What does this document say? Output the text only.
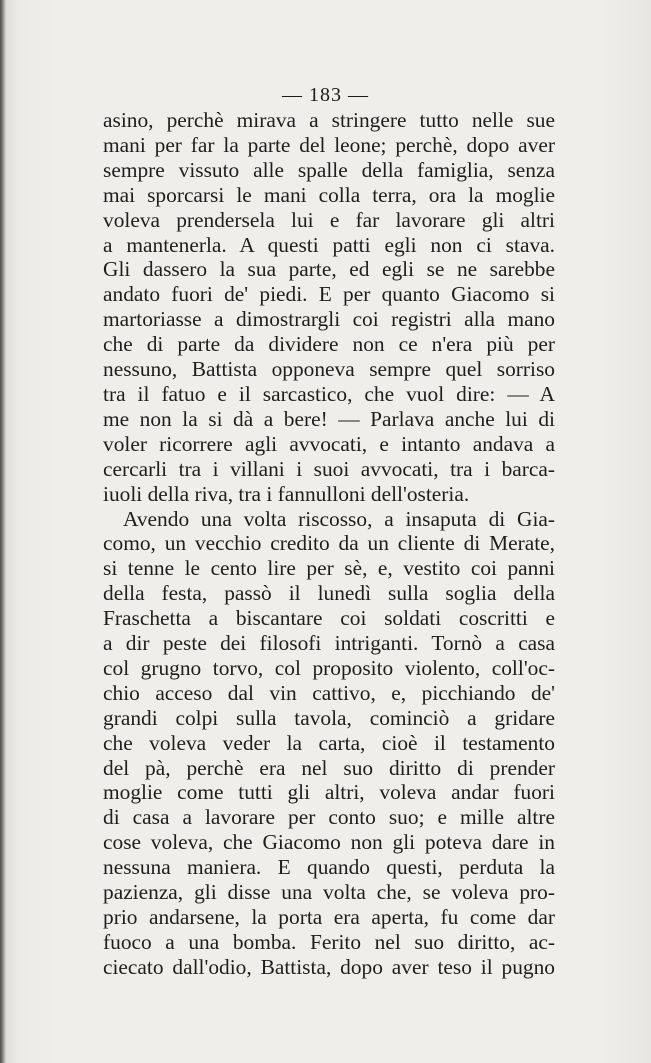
— 183 —
asino, perchè mirava a stringere tutto nelle sue
mani per far la parte del leone; perchè, dopo aver
sempre vissuto alle spalle della famiglia, senza
mai sporcarsi le mani colla terra, ora la moglie
voleva prendersela lui e far lavorare gli altri
a mantenerla. A questi patti egli non ci stava.
Gli dassero la sua parte, ed egli se ne sarebbe
andato fuori de' piedi. E per quanto Giacomo si
martoriasse a dimostrargli coi registri alla mano
che di parte da dividere non ce n'era più per
nessuno, Battista opponeva sempre quel sorriso
tra il fatuo e il sarcastico, che vuol dire: — A
me non la si dà a bere! — Parlava anche lui di
voler ricorrere agli avvocati, e intanto andava a
cercarli tra i villani i suoi avvocati, tra i barca-
iuoli della riva, tra i fannulloni dell'osteria.
Avendo una volta riscosso, a insaputa di Gia-
como, un vecchio credito da un cliente di Merate,
si tenne le cento lire per sè, e, vestito coi panni
della festa, passò il lunedì sulla soglia della
Fraschetta a biscantare coi soldati coscritti e
a dir peste dei filosofi intriganti. Tornò a casa
col grugno torvo, col proposito violento, coll'oc-
chio acceso dal vin cattivo, e, picchiando de'
grandi colpi sulla tavola, cominciò a gridare
che voleva veder la carta, cioè il testamento
del pà, perchè era nel suo diritto di prender
moglie come tutti gli altri, voleva andar fuori
di casa a lavorare per conto suo; e mille altre
cose voleva, che Giacomo non gli poteva dare in
nessuna maniera. E quando questi, perduta la
pazienza, gli disse una volta che, se voleva pro-
prio andarsene, la porta era aperta, fu come dar
fuoco a una bomba. Ferito nel suo diritto, ac-
ciecato dall'odio, Battista, dopo aver teso il pugno
